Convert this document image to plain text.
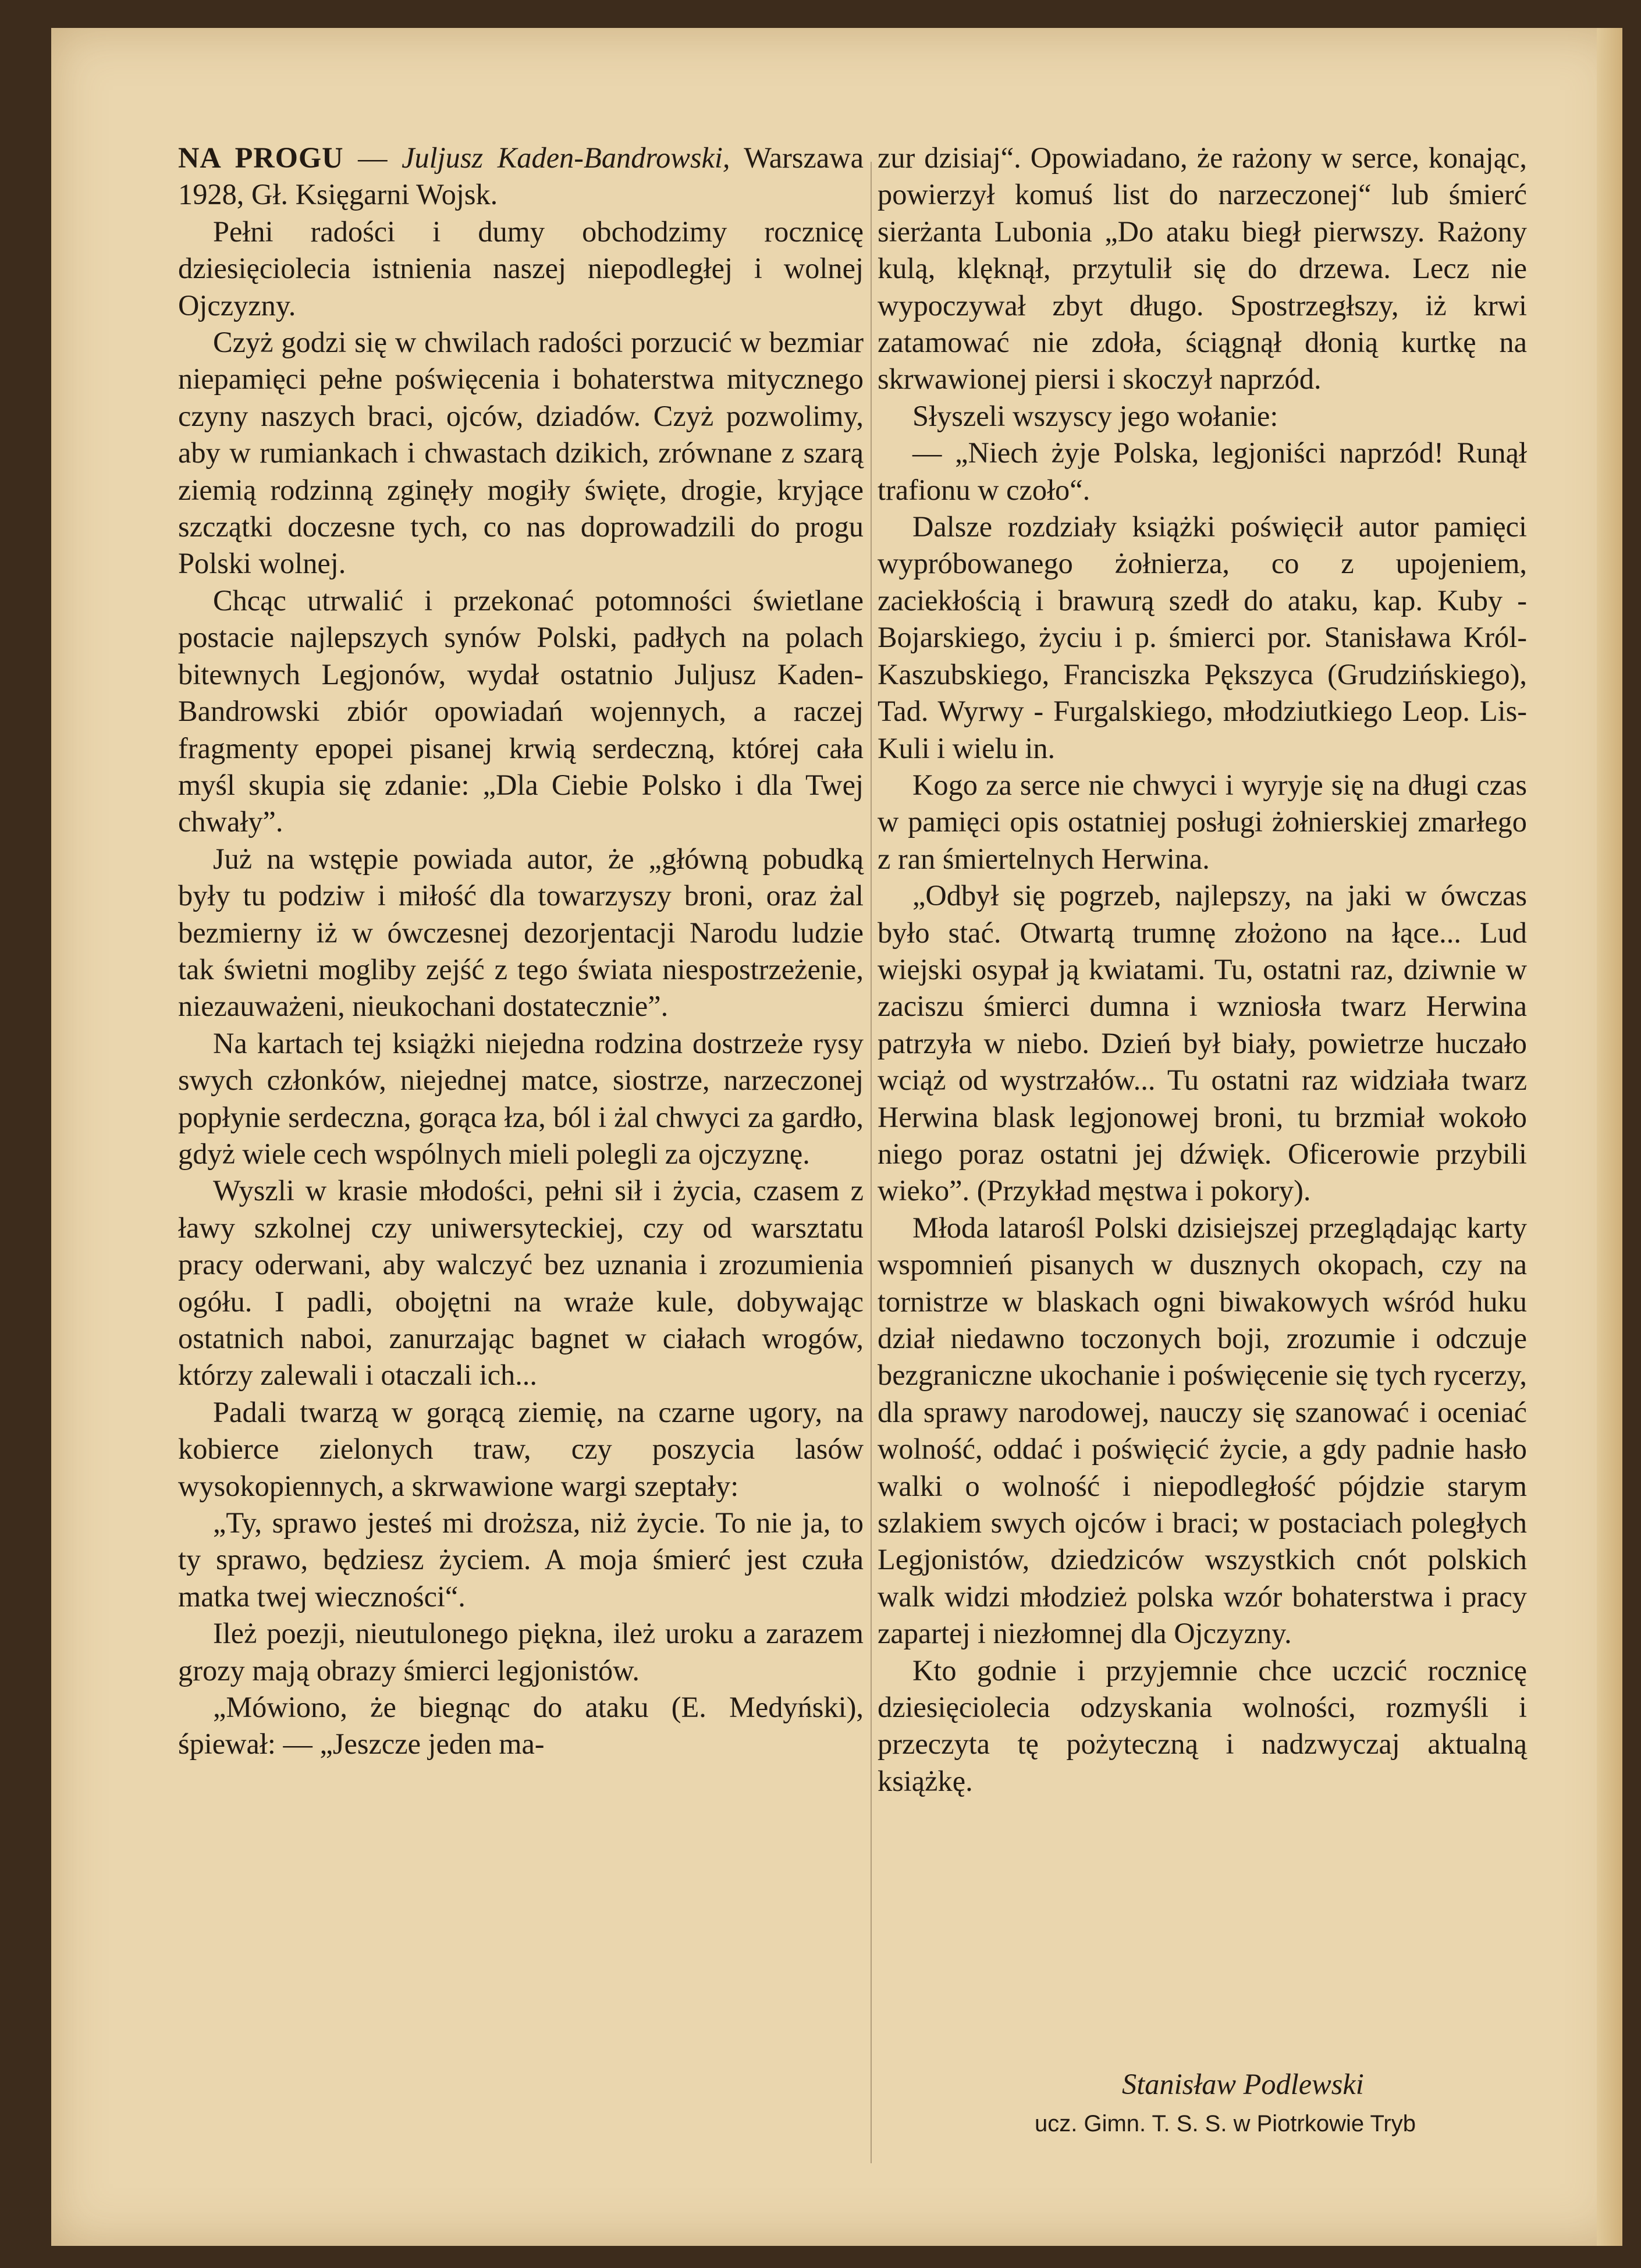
NA PROGU — Juljusz Kaden-Bandrowski, Warszawa 1928, Gł. Księgarni Wojsk.

Pełni radości i dumy obchodzimy rocznicę dziesięciolecia istnienia naszej niepodległej i wolnej Ojczyzny.

Czyż godzi się w chwilach radości porzucić w bezmiar niepamięci pełne poświęcenia i bohaterstwa mitycznego czyny naszych braci, ojców, dziadów. Czyż pozwolimy, aby w rumiankach i chwastach dzikich, zrównane z szarą ziemią rodzinną zginęły mogiły święte, drogie, kryjące szczątki doczesne tych, co nas doprowadzili do progu Polski wolnej.

Chcąc utrwalić i przekonać potomności świetlane postacie najlepszych synów Polski, padłych na polach bitewnych Legjonów, wydał ostatnio Juljusz Kaden-Bandrowski zbiór opowiadań wojennych, a raczej fragmenty epopei pisanej krwią serdeczną, której cała myśl skupia się zdanie: „Dla Ciebie Polsko i dla Twej chwały”.

Już na wstępie powiada autor, że „główną pobudką były tu podziw i miłość dla towarzyszy broni, oraz żal bezmierny iż w ówczesnej dezorjentacji Narodu ludzie tak świetni mogliby zejść z tego świata niespostrzeżenie, niezauważeni, nieukochani dostatecznie”.

Na kartach tej książki niejedna rodzina dostrzeże rysy swych członków, niejednej matce, siostrze, narzeczonej popłynie serdeczna, gorąca łza, ból i żal chwyci za gardło, gdyż wiele cech wspólnych mieli polegli za ojczyznę.

Wyszli w krasie młodości, pełni sił i życia, czasem z ławy szkolnej czy uniwersyteckiej, czy od warsztatu pracy oderwani, aby walczyć bez uznania i zrozumienia ogółu. I padli, obojętni na wraże kule, dobywając ostatnich naboi, zanurzając bagnet w ciałach wrogów, którzy zalewali i otaczali ich...

Padali twarzą w gorącą ziemię, na czarne ugory, na kobierce zielonych traw, czy poszycia lasów wysokopiennych, a skrwawione wargi szeptały:

„Ty, sprawo jesteś mi droższa, niż życie. To nie ja, to ty sprawo, będziesz życiem. A moja śmierć jest czuła matka twej wieczności“.

Ileż poezji, nieutulonego piękna, ileż uroku a zarazem grozy mają obrazy śmierci legjonistów.

„Mówiono, że biegnąc do ataku (E. Medyński), śpiewał: — „Jeszcze jeden ma-

zur dzisiaj“. Opowiadano, że rażony w serce, konając, powierzył komuś list do narzeczonej“ lub śmierć sierżanta Lubonia „Do ataku biegł pierwszy. Rażony kulą, klęknął, przytulił się do drzewa. Lecz nie wypoczywał zbyt długo. Spostrzegłszy, iż krwi zatamować nie zdoła, ściągnął dłonią kurtkę na skrwawionej piersi i skoczył naprzód.

Słyszeli wszyscy jego wołanie:

— „Niech żyje Polska, legjoniści naprzód! Runął trafionu w czoło“.

Dalsze rozdziały książki poświęcił autor pamięci wypróbowanego żołnierza, co z upojeniem, zaciekłością i brawurą szedł do ataku, kap. Kuby - Bojarskiego, życiu i p. śmierci por. Stanisława Król-Kaszubskiego, Franciszka Pększyca (Grudzińskiego), Tad. Wyrwy - Furgalskiego, młodziutkiego Leop. Lis-Kuli i wielu in.

Kogo za serce nie chwyci i wyryje się na długi czas w pamięci opis ostatniej posługi żołnierskiej zmarłego z ran śmiertelnych Herwina.

„Odbył się pogrzeb, najlepszy, na jaki w ówczas było stać. Otwartą trumnę złożono na łące... Lud wiejski osypał ją kwiatami. Tu, ostatni raz, dziwnie w zaciszu śmierci dumna i wzniosła twarz Herwina patrzyła w niebo. Dzień był biały, powietrze huczało wciąż od wystrzałów... Tu ostatni raz widziała twarz Herwina blask legjonowej broni, tu brzmiał wokoło niego poraz ostatni jej dźwięk. Oficerowie przybili wieko”. (Przykład męstwa i pokory).

Młoda latarośl Polski dzisiejszej przeglądając karty wspomnień pisanych w dusznych okopach, czy na tornistrze w blaskach ogni biwakowych wśród huku dział niedawno toczonych boji, zrozumie i odczuje bezgraniczne ukochanie i poświęcenie się tych rycerzy, dla sprawy narodowej, nauczy się szanować i oceniać wolność, oddać i poświęcić życie, a gdy padnie hasło walki o wolność i niepodległość pójdzie starym szlakiem swych ojców i braci; w postaciach poległych Legjonistów, dziedziców wszystkich cnót polskich walk widzi młodzież polska wzór bohaterstwa i pracy zapartej i niezłomnej dla Ojczyzny.

Kto godnie i przyjemnie chce uczcić rocznicę dziesięciolecia odzyskania wolności, rozmyśli i przeczyta tę pożyteczną i nadzwyczaj aktualną książkę.

Stanisław Podlewski
ucz. Gimn. T. S. S. w Piotrkowie Tryb
